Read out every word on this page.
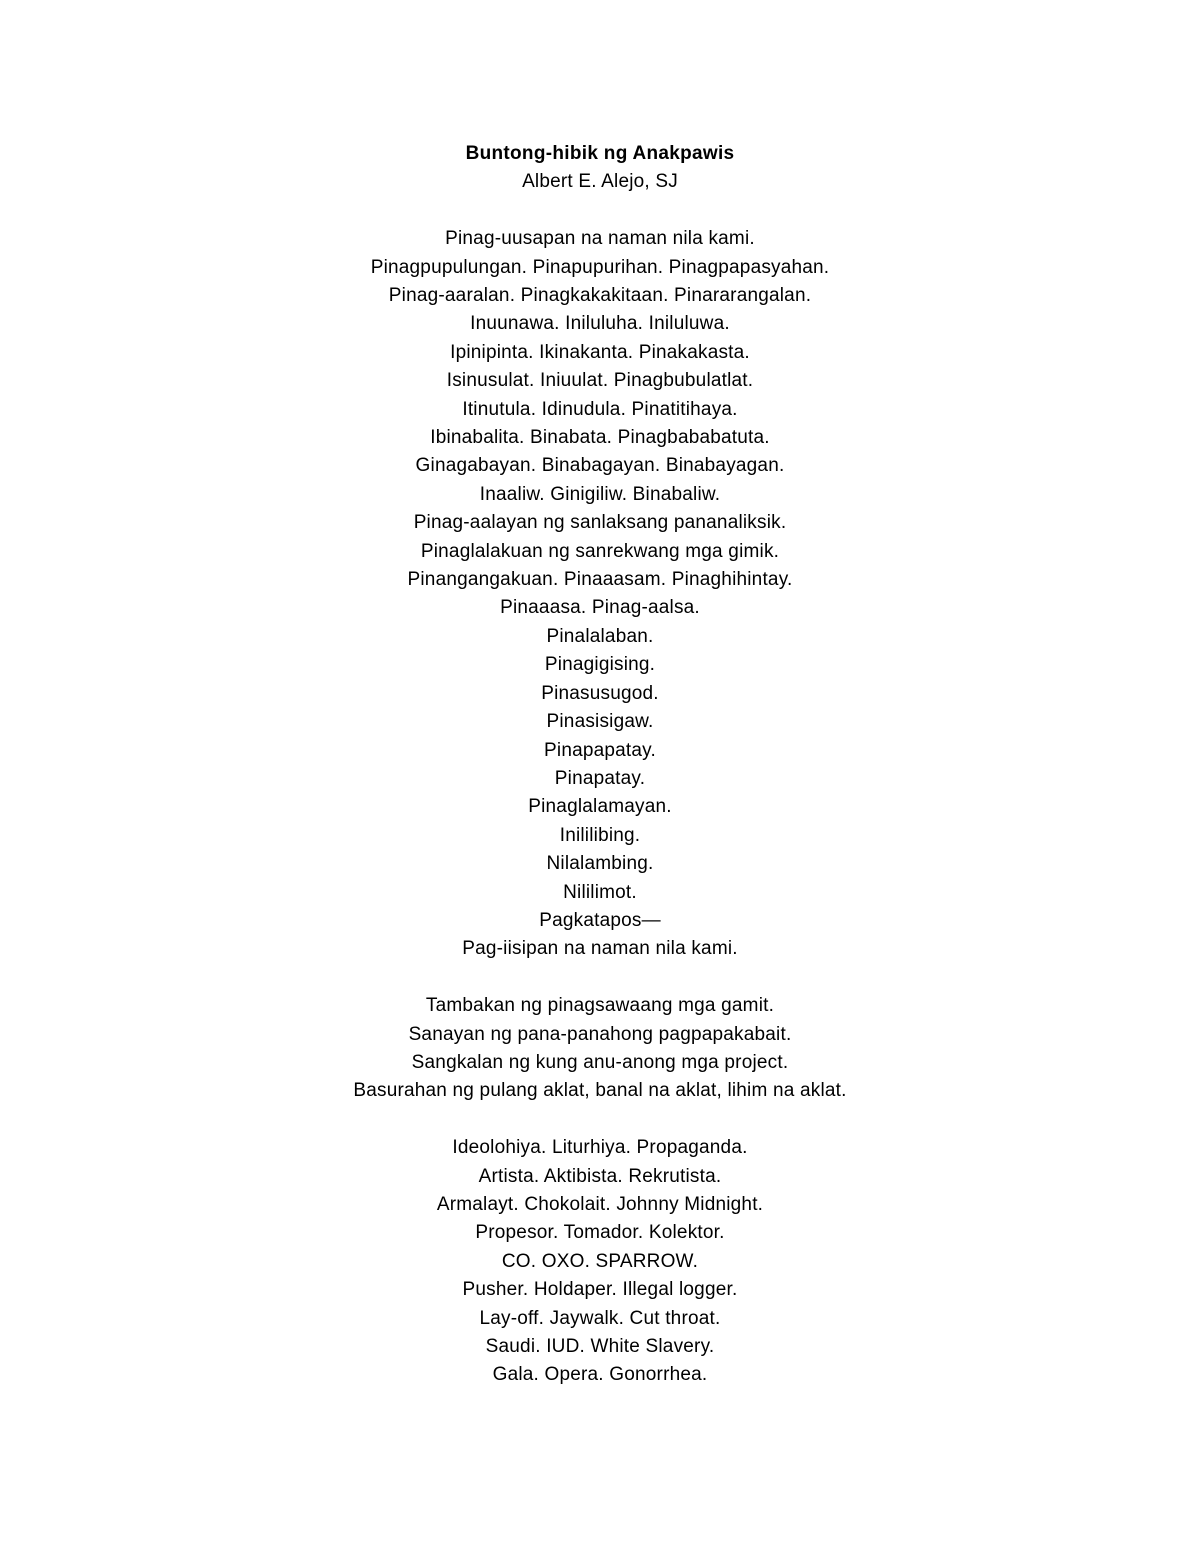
Buntong-hibik ng Anakpawis
Albert E. Alejo, SJ
Pinag-uusapan na naman nila kami.
Pinagpupulungan. Pinapupurihan. Pinagpapasyahan.
Pinag-aaralan. Pinagkakakitaan. Pinararangalan.
Inuunawa. Iniluluha. Iniluluwa.
Ipinipinta. Ikinakanta. Pinakakasta.
Isinusulat. Iniuulat. Pinagbubulatlat.
Itinutula. Idinudula. Pinatitihaya.
Ibinabalita. Binabata. Pinagbababatuta.
Ginagabayan. Binabagayan. Binabayagan.
Inaaliw. Ginigiliw. Binabaliw.
Pinag-aalayan ng sanlaksang pananaliksik.
Pinaglalakuan ng sanrekwang mga gimik.
Pinangangakuan. Pinaaasam. Pinaghihintay.
Pinaaasa. Pinag-aalsa.
Pinalalaban.
Pinagigising.
Pinasusugod.
Pinasisigaw.
Pinapapatay.
Pinapatay.
Pinaglalamayan.
Inililibing.
Nilalambing.
Nililimot.
Pagkatapos—
Pag-iisipan na naman nila kami.
Tambakan ng pinagsawaang mga gamit.
Sanayan ng pana-panahong pagpapakabait.
Sangkalan ng kung anu-anong mga project.
Basurahan ng pulang aklat, banal na aklat, lihim na aklat.
Ideolohiya. Liturhiya. Propaganda.
Artista. Aktibista. Rekrutista.
Armalayt. Chokolait. Johnny Midnight.
Propesor. Tomador. Kolektor.
CO. OXO. SPARROW.
Pusher. Holdaper. Illegal logger.
Lay-off. Jaywalk. Cut throat.
Saudi. IUD. White Slavery.
Gala. Opera. Gonorrhea.
